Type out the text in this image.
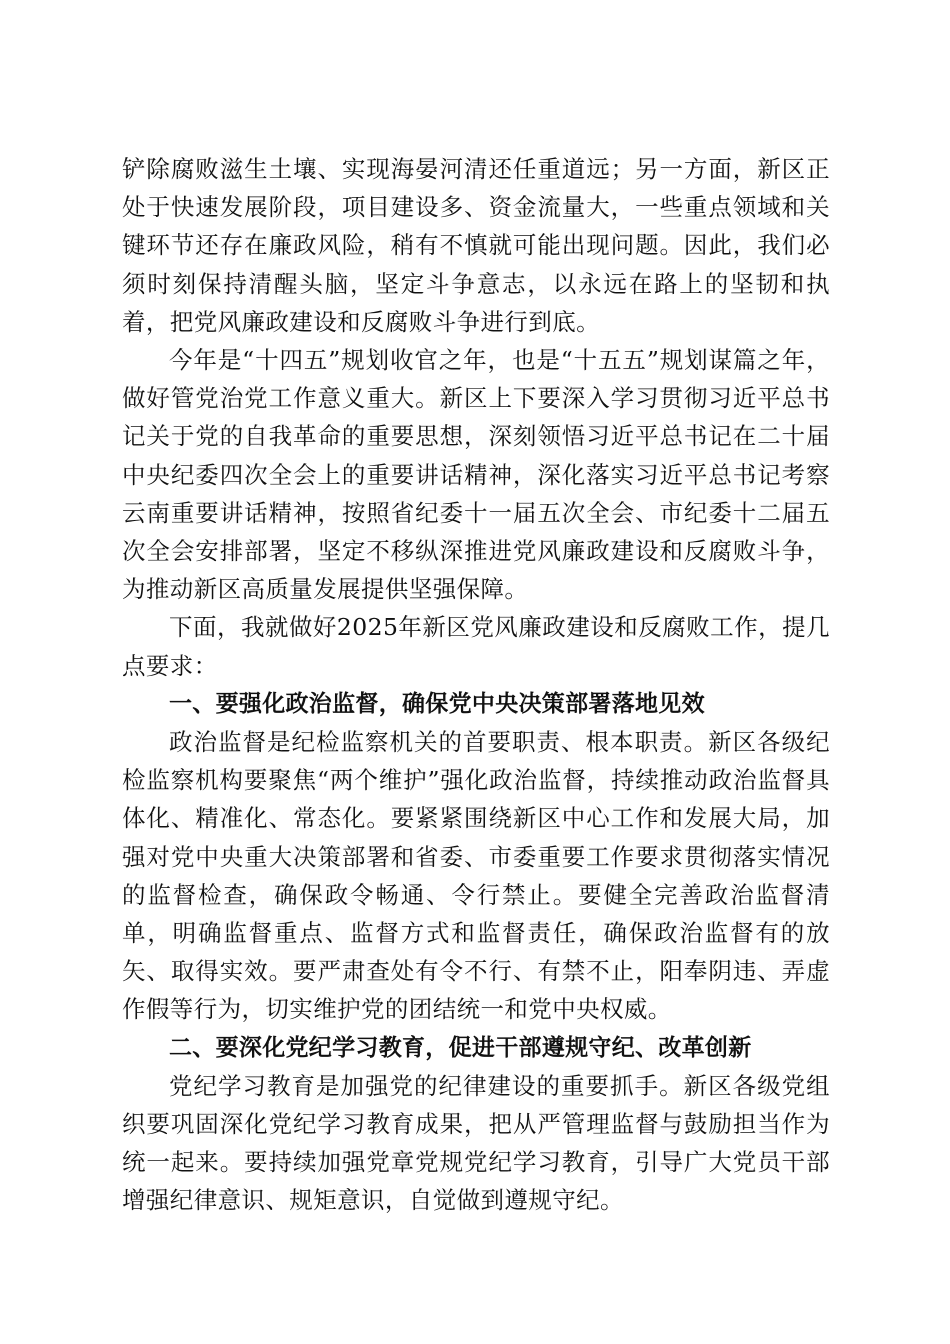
铲除腐败滋生土壤、实现海晏河清还任重道远；另一方面，新区正处于快速发展阶段，项目建设多、资金流量大，一些重点领域和关键环节还存在廉政风险，稍有不慎就可能出现问题。因此，我们必须时刻保持清醒头脑，坚定斗争意志，以永远在路上的坚韧和执着，把党风廉政建设和反腐败斗争进行到底。

今年是“十四五”规划收官之年，也是“十五五”规划谋篇之年，做好管党治党工作意义重大。新区上下要深入学习贯彻习近平总书记关于党的自我革命的重要思想，深刻领悟习近平总书记在二十届中央纪委四次全会上的重要讲话精神，深化落实习近平总书记考察云南重要讲话精神，按照省纪委十一届五次全会、市纪委十二届五次全会安排部署，坚定不移纵深推进党风廉政建设和反腐败斗争，为推动新区高质量发展提供坚强保障。

下面，我就做好2025年新区党风廉政建设和反腐败工作，提几点要求：

一、要强化政治监督，确保党中央决策部署落地见效

政治监督是纪检监察机关的首要职责、根本职责。新区各级纪检监察机构要聚焦“两个维护”强化政治监督，持续推动政治监督具体化、精准化、常态化。要紧紧围绕新区中心工作和发展大局，加强对党中央重大决策部署和省委、市委重要工作要求贯彻落实情况的监督检查，确保政令畅通、令行禁止。要健全完善政治监督清单，明确监督重点、监督方式和监督责任，确保政治监督有的放矢、取得实效。要严肃查处有令不行、有禁不止，阳奉阴违、弄虚作假等行为，切实维护党的团结统一和党中央权威。

二、要深化党纪学习教育，促进干部遵规守纪、改革创新

党纪学习教育是加强党的纪律建设的重要抓手。新区各级党组织要巩固深化党纪学习教育成果，把从严管理监督与鼓励担当作为统一起来。要持续加强党章党规党纪学习教育，引导广大党员干部增强纪律意识、规矩意识，自觉做到遵规守纪。
